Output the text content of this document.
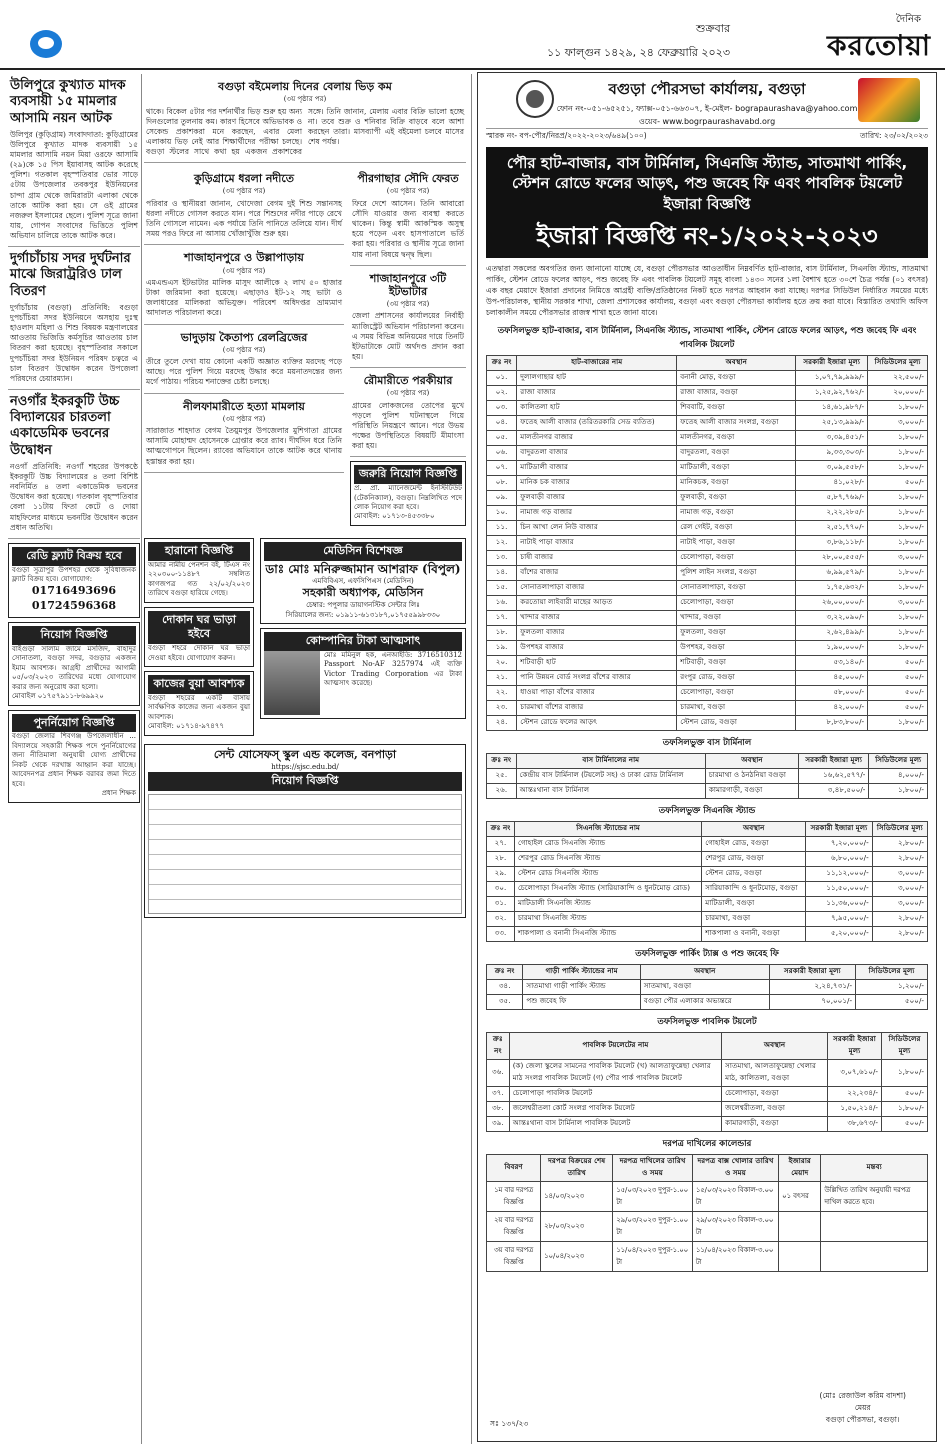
শুক্রবার
১১ ফাল্গুন ১৪২৯, ২৪ ফেব্রুয়ারি ২০২৩
দৈনিক
করতোয়া
উলিপুরে কুখ্যাত মাদক ব্যবসায়ী ১৫ মামলার আসামি নয়ন আটক
উলিপুর (কুড়িগ্রাম) সংবাদদাতা: কুড়িগ্রামের উলিপুরে কুখ্যাত মাদক ব্যবসায়ী ১৫ মামলার আসামি নয়ন মিয়া ওরফে আসামি (২৯)কে ১৫ পিস ইয়াবাসহ আটক করেছে পুলিশ। গতকাল বৃহস্পতিবার ভোর সাড়ে ৫টায় উপজেলার তবকপুর ইউনিয়নের চান্দা গ্রাম থেকে জমিরারটা এলাকা থেকে তাকে আটক করা হয়। সে ওই গ্রামের নজরুল ইসলামের ছেলে। পুলিশ সূত্রে জানা যায়, গোপন সংবাদের ভিত্তিতে পুলিশ অভিযান চালিয়ে তাকে আটক করে।
দুর্গাচাঁচায় সদর দুর্ঘটনার মাঝে জিরাট্ররিও ঢাল বিতরণ
দুর্গাচাঁচায় (বগুড়া) প্রতিনিধি: বগুড়া দুপচাঁচিয়া সদর ইউনিয়নে অসহায় দুঃস্থ হাওলাদ মহিলা ও শিশু বিষয়ক মন্ত্রণালয়ের আওতায় ভিজিডি কর্মসূচির আওতায় চাল বিতরণ করা হয়েছে। বৃহস্পতিবার সকালে দুপচাঁচিয়া সদর ইউনিয়ন পরিষদ চত্বরে এ চাল বিতরণ উদ্বোধন করেন উপজেলা পরিষদের চেয়ারম্যান।
নওগাঁর ইকরকুটি উচ্চ বিদ্যালয়ের চারতলা একাডেমিক ভবনের উদ্বোধন
নওগাঁ প্রতিনিধি: নওগাঁ শহরের উপকণ্ঠে ইকরকুটি উচ্চ বিদ্যালয়ের ৪ তলা বিশিষ্ট নবনির্মিত ৪ তলা একাডেমিক ভবনের উদ্বোধন করা হয়েছে। গতকাল বৃহস্পতিবার বেলা ১১টায় ফিতা কেটে ও দোয়া মাহফিলের মাধ্যমে ভবনটির উদ্বোধন করেন প্রধান অতিথি।
রেডি ফ্ল্যাট বিক্রয় হবে
বগুড়া সুত্রাপুর উপশহর থেকে সুবিধাজনক ফ্ল্যাট বিক্রয় হবে। যোগাযোগ:
01716493696
01724596368
নিয়োগ বিজ্ঞপ্তি
বাইগুড়া সালাম জামে মসজিদ, বাহাদুর সোনাতলা, বগুড়া সদর, বগুড়ার একজন ইমাম আবশ্যক। আগ্রহী প্রার্থীদের আগামী ০৫/০৩/২০২৩ তারিখের মধ্যে যোগাযোগ করার জন্য অনুরোধ করা হলো।
মোবাইল ০১৭৫৭৯১১-৮৬৯৯২০
পুনর্নিয়োগ বিজ্ঞপ্তি
বগুড়া জেলার শিবগঞ্জ উপজেলাধীন ... বিদ্যালয়ে সহকারী শিক্ষক পদে পুনর্নিয়োগের জন্য নীতিমালা অনুযায়ী যোগ্য প্রার্থীদের নিকট থেকে দরখাস্ত আহ্বান করা যাচ্ছে। আবেদনপত্র প্রধান শিক্ষক বরাবর জমা দিতে হবে।
প্রধান শিক্ষক
বগুড়া বইমেলায় দিনের বেলায় ভিড় কম
(৩য় পৃষ্ঠার পর)
থাকে। বিকেল ৫টার পর দর্শনার্থীর ভিড় শুরু হয় অন্য দিনগুলোর তুলনায় কম। কারণ হিসেবে অভিভাবক ও সেকেন্ড প্রকাশকরা মনে করছেন, এবার মেলা এলাকায় ভিড় নেই আর শিক্ষার্থীদের পরীক্ষা চলছে। বগুড়া স্টলের সাথে কথা হয় একজন প্রকাশকের সঙ্গে। তিনি জানান, মেলায় এবার বিক্রি ভালো হচ্ছে না। তবে শুক্র ও শনিবার বিক্রি বাড়বে বলে আশা করছেন তারা। মাসব্যাপী এই বইমেলা চলবে মাসের শেষ পর্যন্ত।
কুড়িগ্রামে ধরলা নদীতে
(৩য় পৃষ্ঠার পর)
পরিবার ও স্থানীয়রা জানান, খোদেজা বেগম দুই শিশু সন্তানসহ ধরলা নদীতে গোসল করতে যান। পরে শিশুদের নদীর পাড়ে রেখে তিনি গোসলে নামেন। এক পর্যায়ে তিনি পানিতে তলিয়ে যান। দীর্ঘ সময় পরও ফিরে না আসায় খোঁজাখুঁজি শুরু হয়।
শাজাহানপুরে ও উল্লাপাড়ায়
(৩য় পৃষ্ঠার পর)
এমএন্ডএস ইটভাটার মালিক মাসুদ আলীকে ২ লাখ ৫০ হাজার টাকা জরিমানা করা হয়েছে। এছাড়াও ইট-১২ সহ ভাটা ও জলাধারের মালিকরা অভিযুক্ত। পরিবেশ অধিদপ্তর ভ্রাম্যমাণ আদালত পরিচালনা করে।
ভাদুড়ায় কৈতাপ্য রেলব্রিজের
(৩য় পৃষ্ঠার পর)
তীরে তুলে দেখা যায় কোনো একটি অজ্ঞাত ব্যক্তির মরদেহ পড়ে আছে। পরে পুলিশ গিয়ে মরদেহ উদ্ধার করে ময়নাতদন্তের জন্য মর্গে পাঠায়। পরিচয় শনাক্তের চেষ্টা চলছে।
নীলফামারীতে হত্যা মামলায়
(৩য় পৃষ্ঠার পর)
সারাজাত শাহদাত বেগম তৈয়ুমপুর উপজেলার মুশিগাতা গ্রামের আসামি মোহাম্মদ হোসেনকে গ্রেপ্তার করে র‍্যাব। দীর্ঘদিন ধরে তিনি আত্মগোপনে ছিলেন। র‍্যাবের অভিযানে তাকে আটক করে থানায় হস্তান্তর করা হয়।
পীরগাছার সৌদি ফেরত
(৩য় পৃষ্ঠার পর)
ফিরে দেশে আসেন। তিনি আবারো সৌদি যাওয়ার জন্য ব্যবস্থা করতে থাকেন। কিন্তু স্বামী আকস্মিক অসুস্থ হয়ে পড়েন এবং হাসপাতালে ভর্তি করা হয়। পরিবার ও স্থানীয় সূত্রে জানা যায় নানা বিষয়ে দ্বন্দ্ব ছিল।
শাজাহানপুরে ৩টি ইটভাটার
(৩য় পৃষ্ঠার পর)
জেলা প্রশাসনের কার্যালয়ের নির্বাহী ম্যাজিস্ট্রেট অভিযান পরিচালনা করেন। এ সময় বিভিন্ন অনিয়মের দায়ে তিনটি ইটভাটাকে মোট অর্থদণ্ড প্রদান করা হয়।
রৌমারীতে পরকীয়ার
(৩য় পৃষ্ঠার পর)
গ্রামের লোকজনের তোপের মুখে পড়লে পুলিশ ঘটনাস্থলে গিয়ে পরিস্থিতি নিয়ন্ত্রণে আনে। পরে উভয় পক্ষের উপস্থিতিতে বিষয়টি মীমাংসা করা হয়।
জরুরি নিয়োগ বিজ্ঞপ্তি
প্র. প্রা. ম্যানেজমেন্ট ইনস্টিটিউট (টেকনিক্যাল), বগুড়া। নিম্নলিখিত পদে লোক নিয়োগ করা হবে।
মোবাইল: ০১৭১৩-৪৫৩৩৮০
হারানো বিজ্ঞপ্তি
আমার নামীয় পেনশন বই, টিএস নং ২২০৩০০-১১৪৮৭ সম্বলিত কাগজপত্র গত ২২/০২/২০২৩ তারিখে বগুড়া হারিয়ে গেছে।
দোকান ঘর ভাড়া হইবে
বগুড়া শহরে দোকান ঘর ভাড়া দেওয়া হইবে। যোগাযোগ করুন।
কাজের বুয়া আবশ্যক
বগুড়া শহরের একটি বাসায় সার্বক্ষণিক কাজের জন্য একজন বুয়া আবশ্যক।
মোবাইল: ০১৭১৪-৯৭৪৭৭
মেডিসিন বিশেষজ্ঞ
ডাঃ মোঃ মনিরুজ্জামান আশরাফ (বিপুল)
এমবিবিএস, এফসিপিএস (মেডিসিন)
সহকারী অধ্যাপক, মেডিসিন
চেম্বার: পপুলার ডায়াগনস্টিক সেন্টার লিঃ
সিরিয়ালের জন্য: ০১৯১১-৬১৩১৮৭,০১৭৫৫৯৯৮৩৩০
কোম্পানির টাকা আত্মসাৎ
মোঃ মমিনুল হক, এনআইডি: 3716510312 Passport No-AF 3257974 এই ব্যক্তি Victor Trading Corporation এর টাকা আত্মসাৎ করেছে।
সেন্ট যোসেফস্ স্কুল এন্ড কলেজ, বনপাড়া
https://sjsc.edu.bd/
নিয়োগ বিজ্ঞপ্তি
বগুড়া পৌরসভা কার্যালয়, বগুড়া
ফোন নং-০৫১-৬৫২৫১, ফ্যাক্স-০৫১-৬৬৩০৭, ই-মেইল- bograpaurashava@yahoo.com
ওয়েব- www.bogrpaurashavabd.org
স্মারক নং- বপ-পৌর/নিরপ্র/২০২২-২০২৩/৬৪৯(১০০)	তারিখ: ২৩/০২/২০২৩
পৌর হাট-বাজার, বাস টার্মিনাল, সিএনজি স্ট্যান্ড, সাতমাথা পার্কিং, স্টেশন রোডে ফলের আড়ৎ, পশু জবেহ ফি এবং পাবলিক টয়লেট ইজারা বিজ্ঞপ্তি
ইজারা বিজ্ঞপ্তি নং-১/২০২২-২০২৩
এতদ্বারা সকলের অবগতির জন্য জানানো যাচ্ছে যে, বগুড়া পৌরসভার আওতাধীন নিম্নবর্ণিত হাট-বাজার, বাস টার্মিনাল, সিএনজি স্ট্যান্ড, সাতমাথা পার্কিং, স্টেশন রোডে ফলের আড়ৎ, পশু জবেহ ফি এবং পাবলিক টয়লেট সমূহ বাংলা ১৪৩০ সনের ১লা বৈশাখ হতে ৩০শে চৈত্র পর্যন্ত (০১ বৎসর) এক বছর মেয়াদে ইজারা প্রদানের নিমিত্তে আগ্রহী ব্যক্তি/প্রতিষ্ঠানের নিকট হতে দরপত্র আহবান করা যাচ্ছে। দরপত্র সিডিউল নির্ধারিত সময়ের মধ্যে উপ-পরিচালক, স্থানীয় সরকার শাখা, জেলা প্রশাসকের কার্যালয়, বগুড়া এবং বগুড়া পৌরসভা কার্যালয় হতে ক্রয় করা যাবে। বিস্তারিত তথ্যাদি অফিস চলাকালীন সময়ে পৌরসভার রাজস্ব শাখা হতে জানা যাবে।
তফসিলভুক্ত হাট-বাজার, বাস টার্মিনাল, সিএনজি স্ট্যান্ড, সাতমাথা পার্কিং, স্টেশন রোডে ফলের আড়ৎ, পশু জবেহ ফি এবং পাবলিক টয়লেট
ক্রঃ নং	হাট-বাজারের নাম	অবস্থান	সরকারী ইজারা মূল্য	সিডিউলের মূল্য
০১.	দুলালগাছার হাট	বনানী মোড়, বগুড়া	১,০৭,৭৯,৯৯৯/-	২২,৫০০/-
০২.	রাজা বাজার	রাজা বাজার, বগুড়া	১,২৫,৯২,৭৬২/-	২০,০০০/-
০৩.	কালিতলা হাট	শিববাটি, বগুড়া	১৪,৬১,৯৮৭/-	১,৮০০/-
০৪.	ফতেহ আলী বাজার (তরিতরকারি সেড ব্যতিত)	ফতেহ আলী বাজার সংলগ্ন, বগুড়া	২৫,১৩,৯৯৯/-	৩,০০০/-
০৫.	মালতীনগর বাজার	মালতীনগর, বগুড়া	৩,৩৯,৪৫১/-	১,৮০০/-
০৬.	বাদুরতলা বাজার	বাদুরতলা, বগুড়া	৯,৩৩,৩০৩/-	১,৮০০/-
০৭.	মাটিডালী বাজার	মাটিডালী, বগুড়া	৩,০৯,৫৫৮/-	১,৮০০/-
০৮.	মানিক চক বাজার	মানিকচক, বগুড়া	৪১,০২৮/-	৫০০/-
০৯.	ফুলবাড়ী বাজার	ফুলবাড়ী, বগুড়া	৫,৮৭,৭৬৯/-	১,৮০০/-
১০.	নামাজ গড় বাজার	নামাজ গড়, বগুড়া	২,২২,২৮৫/-	১,৮০০/-
১১.	চিন আখা লেন নিউ বাজার	রেল গেইট, বগুড়া	২,৫১,৭৭০/-	১,৮০০/-
১২.	নাটাই পাড়া বাজার	নাটাই পাড়া, বগুড়া	৩,৮৬,১১৮/-	১,৮০০/-
১৩.	চাষী বাজার	চেলোপাড়া, বগুড়া	২৮,০০,৫৫৫/-	৩,০০০/-
১৪.	বাঁশের বাজার	পুলিশ লাইন সংলগ্ন, বগুড়া	৬,৯৯,৫৭৯/-	১,৮০০/-
১৫.	সোনাতলাপাড়া বাজার	সোনাতলাপাড়া, বগুড়া	১,৭৫,৬৩২/-	১,৮০০/-
১৬.	করতোয়া লাইবারী মাছের আড়ত	চেলোপাড়া, বগুড়া	২৬,০০,০০০/-	৩,০০০/-
১৭.	খান্দার বাজার	খান্দার, বগুড়া	৩,২২,০৯০/-	১,৮০০/-
১৮.	ফুলতলা বাজার	ফুলতলা, বগুড়া	২,৬২,৪৯৯/-	১,৮০০/-
১৯.	উপশহর বাজার	উপশহর, বগুড়া	১,৯০,০০০/-	১,৮০০/-
২০.	শটিবাড়ী হাট	শটিবাড়ী, বগুড়া	৫৩,১৪০/-	৫০০/-
২১.	পানি উন্নয়ন বোর্ড সংলগ্ন বাঁশের বাজার	রংপুর রোড, বগুড়া	৪৫,০০০/-	৫০০/-
২২.	ধাওয়া পাড়া বাঁশের বাজার	চেলোপাড়া, বগুড়া	৫৮,০০০/-	৫০০/-
২৩.	চারমাথা বাঁশের বাজার	চারমাথা, বগুড়া	৪২,০০০/-	৫০০/-
২৪.	স্টেশন রোডে ফলের আড়ৎ	স্টেশন রোড, বগুড়া	৮,৮৩,৮০০/-	১,৮০০/-
তফসিলভুক্ত বাস টার্মিনাল
ক্রঃ নং	বাস টার্মিনালের নাম	অবস্থান	সরকারী ইজারা মূল্য	সিডিউলের মূল্য
২৫.	কেন্দ্রীয় বাস টার্মিনাল (টয়লেট সহ) ও ঢাকা রোড টার্মিনাল	চারমাথা ও ঠনঠনিয়া বগুড়া	১৬,৬২,৫৭৭/-	৪,০০০/-
২৬.	আন্তঃথানা বাস টার্মিনাল	কামারগাড়ী, বগুড়া	৩,৪৮,৫০০/-	১,৮০০/-
তফসিলভুক্ত সিএনজি স্ট্যান্ড
ক্রঃ নং	সিএনজি স্ট্যান্ডের নাম	অবস্থান	সরকারী ইজারা মূল্য	সিডিউলের মূল্য
২৭.	গোহাইল রোড সিএনজি স্ট্যান্ড	গোহাইল রোড, বগুড়া	৭,২০,০০০/-	২,৮০০/-
২৮.	শেরপুর রোড সিএনজি স্ট্যান্ড	শেরপুর রোড, বগুড়া	৬,৮০,০০০/-	২,৮০০/-
২৯.	স্টেশন রোড সিএনজি স্ট্যান্ড	স্টেশন রোড, বগুড়া	১১,১২,০০০/-	৩,০০০/-
৩০.	চেলোপাড়া সিএনজি স্ট্যান্ড (সারিয়াকান্দি ও ধুনটমোড় রোড)	সারিয়াকান্দি ও ধুনটমোড়, বগুড়া	১১,৫০,০০০/-	৩,০০০/-
৩১.	মাটিডালী সিএনজি স্ট্যান্ড	মাটিডালী, বগুড়া	১১,৩৬,০০০/-	৩,০০০/-
৩২.	চারমাথা সিএনজি স্ট্যান্ড	চারমাথা, বগুড়া	৭,৯৫,০০০/-	২,৮০০/-
৩৩.	শাকপালা ও বনানী সিএনজি স্ট্যান্ড	শাকপালা ও বনানী, বগুড়া	৫,২০,০০০/-	২,৮০০/-
তফসিলভুক্ত পার্কিং ট্যাক্স ও পশু জবেহ ফি
ক্রঃ নং	গাড়ী পার্কিং স্ট্যান্ডের নাম	অবস্থান	সরকারী ইজারা মূল্য	সিডিউলের মূল্য
৩৪.	সাতমাথা গাড়ী পার্কিং স্ট্যান্ড	সাতমাথা, বগুড়া	২,২৪,৭৩১/-	১,২০০/-
৩৫.	পশু জবেহ ফি	বগুড়া পৌর এলাকার অভ্যন্তরে	৭০,০০১/-	৫০০/-
তফসিলভুক্ত পাবলিক টয়লেট
ক্রঃ নং	পাবলিক টয়লেটের নাম	অবস্থান	সরকারী ইজারা মূল্য	সিডিউলের মূল্য
৩৬.	(ক) জেলা স্কুলের সামনের পাবলিক টয়লেট (খ) আলতাফুন্নেছা খেলার মাঠ সংলগ্ন পাবলিক টয়লেট (গ) পৌর পার্ক পাবলিক টয়লেট	সাতমাথা, আলতাফুন্নেছা খেলার মাঠ, কালিতলা, বগুড়া	৩,০৭,৬১০/-	১,৮০০/-
৩৭.	চেলোপাড়া পাবলিক টয়লেট	চেলোপাড়া, বগুড়া	২২,২৩৪/-	৫০০/-
৩৮.	জলেশ্বরীতলা কোর্ট সংলগ্ন পাবলিক টয়লেট	জলেশ্বরীতলা, বগুড়া	১,৫০,২১৪/-	১,৮০০/-
৩৯.	আন্তঃথানা বাস টার্মিনাল পাবলিক টয়লেট	কামারগাড়ী, বগুড়া	৩৮,৬৭৩/-	৫০০/-
দরপত্র দাখিলের কালেন্ডার
বিবরণ	দরপত্র বিক্রয়ের শেষ তারিখ	দরপত্র দাখিলের তারিখ ও সময়	দরপত্র বাক্স খোলার তারিখ ও সময়	ইজারার মেয়াদ	মন্তব্য
১ম বার দরপত্র বিজ্ঞপ্তি	১৪/০৩/২০২৩	১৫/০৩/২০২৩ দুপুর-১.০০ টা	১৫/০৩/২০২৩ বিকাল-৩.০০ টা	০১ বৎসর	উল্লিখিত তারিখ অনুযায়ী দরপত্র দাখিল করতে হবে।
২য় বার দরপত্র বিজ্ঞপ্তি	২৮/০৩/২০২৩	২৯/০৩/২০২৩ দুপুর-১.০০ টা	২৯/০৩/২০২৩ বিকাল-৩.০০ টা		
৩য় বার দরপত্র বিজ্ঞপ্তি	১০/০৪/২০২৩	১১/০৪/২০২৩ দুপুর-১.০০ টা	১১/০৪/২০২৩ বিকাল-৩.০০ টা		
(মোঃ রেজাউল করিম বাদশা)
মেয়র
বগুড়া পৌরসভা, বগুড়া।
সঃ ১৩৭/২৩
